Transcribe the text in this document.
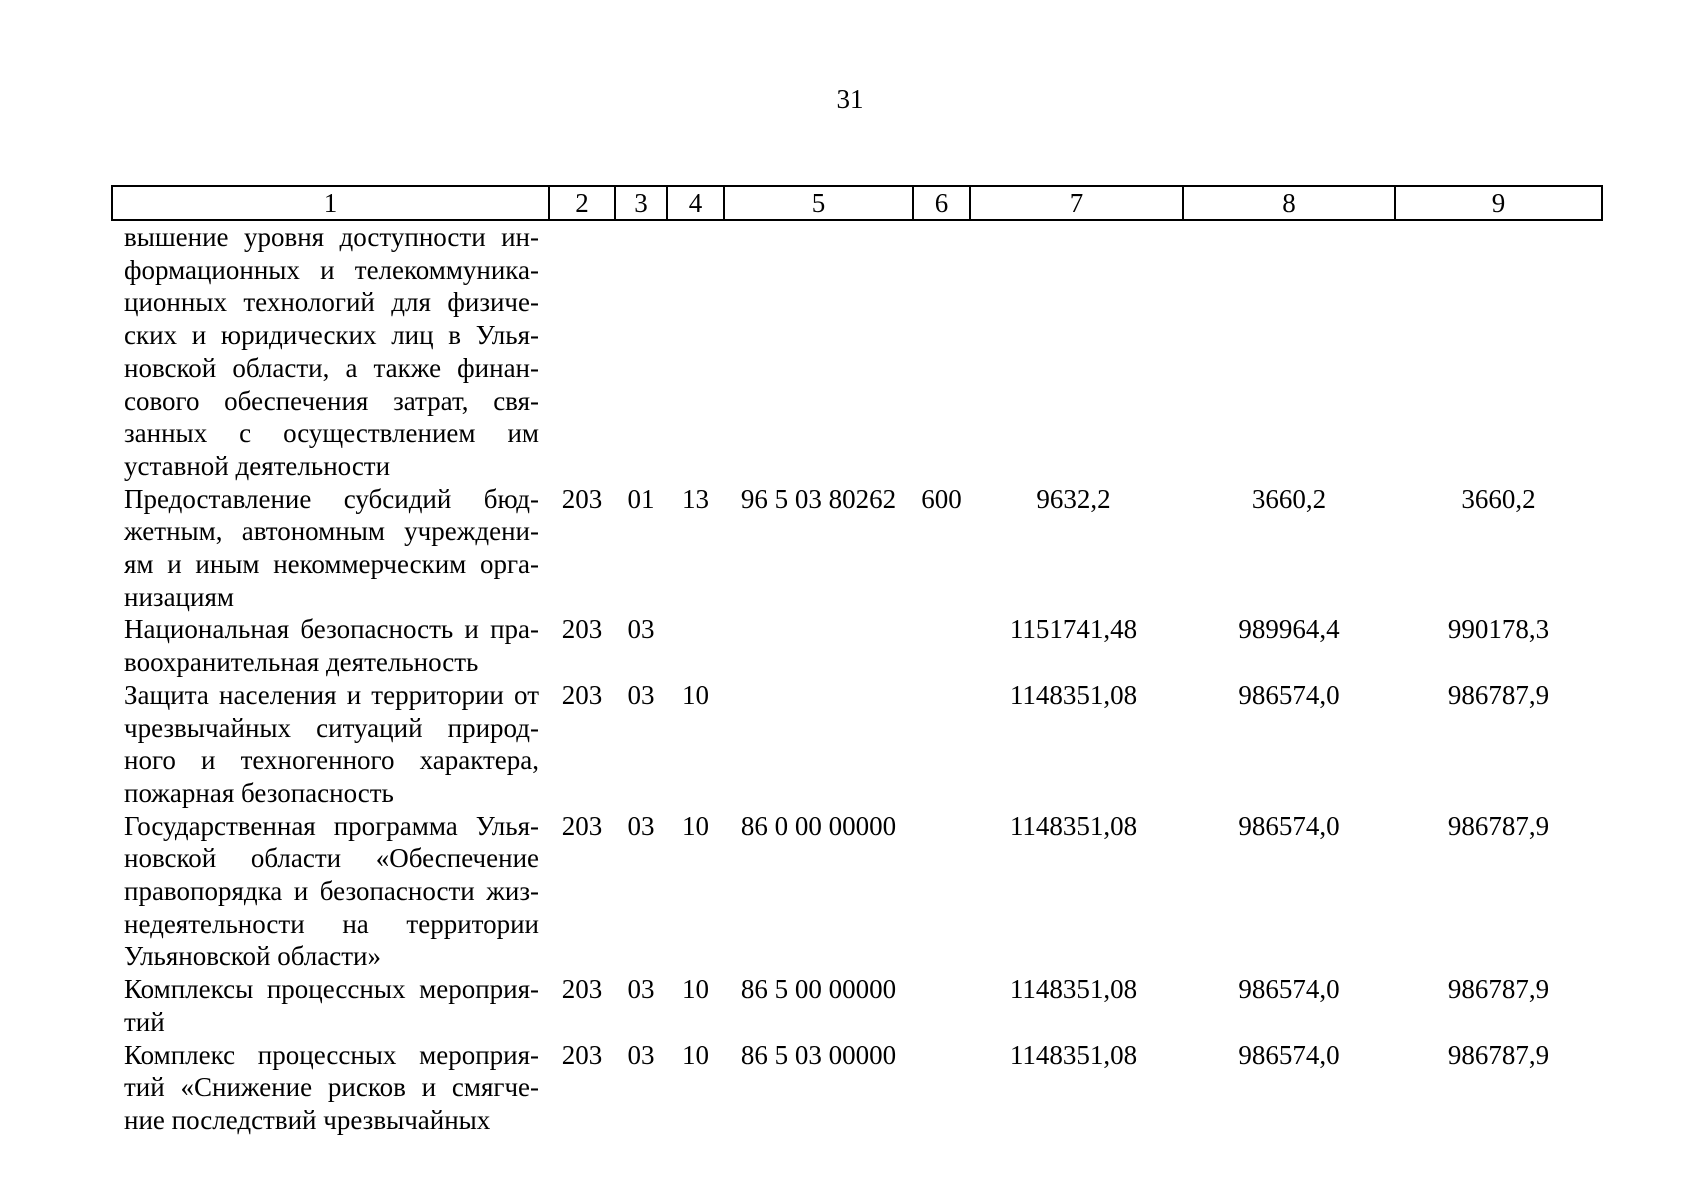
31
1	2	3	4	5	6	7	8	9
вышение уровня доступности ин-формационных и телекоммуника-ционных технологий для физиче-ских и юридических лиц в Улья-новской области, а также финан-сового обеспечения затрат, свя-занных с осуществлением им уставной деятельности								
Предоставление субсидий бюд-жетным, автономным учреждени-ям и иным некоммерческим орга-низациям	203	01	13	96 5 03 80262	600	9632,2	3660,2	3660,2
Национальная безопасность и пра-воохранительная деятельность	203	03				1151741,48	989964,4	990178,3
Защита населения и территории от чрезвычайных ситуаций природ-ного и техногенного характера, пожарная безопасность	203	03	10			1148351,08	986574,0	986787,9
Государственная программа Улья-новской области «Обеспечение правопорядка и безопасности жиз-недеятельности на территории Ульяновской области»	203	03	10	86 0 00 00000		1148351,08	986574,0	986787,9
Комплексы процессных мероприя-тий	203	03	10	86 5 00 00000		1148351,08	986574,0	986787,9
Комплекс процессных мероприя-тий «Снижение рисков и смягче-ние последствий чрезвычайных	203	03	10	86 5 03 00000		1148351,08	986574,0	986787,9
